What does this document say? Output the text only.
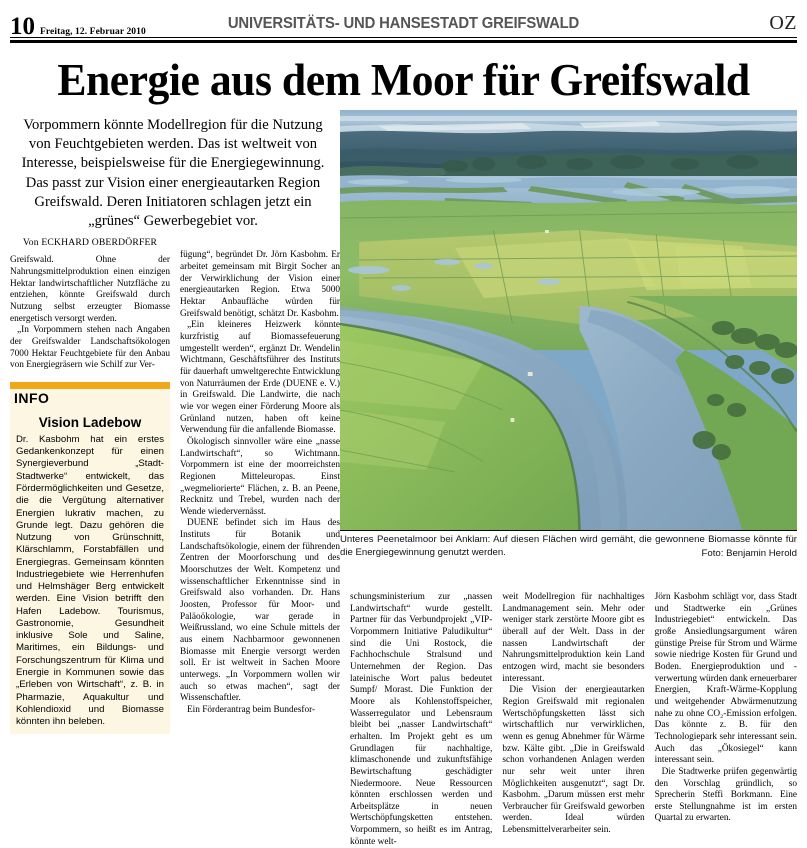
10 Freitag, 12. Februar 2010	UNIVERSITÄTS- UND HANSESTADT GREIFSWALD	OZ
Energie aus dem Moor für Greifswald
Vorpommern könnte Modellregion für die Nutzung von Feuchtgebieten werden. Das ist weltweit von Interesse, beispielsweise für die Energiegewinnung. Das passt zur Vision einer energieautarken Region Greifswald. Deren Initiatoren schlagen jetzt ein „grünes“ Gewerbegebiet vor.
Von ECKHARD OBERDÖRFER

Greifswald. Ohne der Nahrungsmittelproduktion einen einzigen Hektar landwirtschaftlicher Nutzfläche zu entziehen, könnte Greifswald durch Nutzung selbst erzeugter Biomasse energetisch versorgt werden.

„In Vorpommern stehen nach Angaben der Greifswalder Landschaftsökologen 7000 Hektar Feuchtgebiete für den Anbau von Energiegräsern wie Schilf zur Ver-

INFO
Vision Ladebow

Dr. Kasbohm hat ein erstes Gedankenkonzept für einen Synergieverbund „Stadt-Stadtwerke“ entwickelt, das Fördermöglichkeiten und Gesetze, die die Vergütung alternativer Energien lukrativ machen, zu Grunde legt. Dazu gehören die Nutzung von Grünschnitt, Klärschlamm, Forstabfällen und Energiegras. Gemeinsam könnten Industriegebiete wie Herrenhufen und Helmshäger Berg entwickelt werden. Eine Vision betrifft den Hafen Ladebow. Tourismus, Gastronomie, Gesundheit inklusive Sole und Saline, Maritimes, ein Bildungs- und Forschungszentrum für Klima und Energie in Kommunen sowie das „Erleben von Wirtschaft“, z. B. in Pharmazie, Aquakultur und Kohlendioxid und Biomasse könnten ihn beleben.

fügung“, begründet Dr. Jörn Kasbohm. Er arbeitet gemeinsam mit Birgit Socher an der Verwirklichung der Vision einer energieautarken Region. Etwa 5000 Hektar Anbaufläche würden für Greifswald benötigt, schätzt Dr. Kasbohm.

„Ein kleineres Heizwerk könnte kurzfristig auf Biomassefeuerung umgestellt werden“, ergänzt Dr. Wendelin Wichtmann, Geschäftsführer des Instituts für dauerhaft umweltgerechte Entwicklung von Naturräumen der Erde (DUENE e. V.) in Greifswald. Die Landwirte, die nach wie vor wegen einer Förderung Moore als Grünland nutzen, haben oft keine Verwendung für die anfallende Biomasse.

Ökologisch sinnvoller wäre eine „nasse Landwirtschaft“, so Wichtmann. Vorpommern ist eine der moorreichsten Regionen Mitteleuropas. Einst „wegmeliorierte“ Flächen, z. B. an Peene, Recknitz und Trebel, wurden nach der Wende wiedervernässt.

DUENE befindet sich im Haus des Instituts für Botanik und Landschaftsökologie, einem der führenden Zentren der Moorforschung und des Moorschutzes der Welt. Kompetenz und wissenschaftlicher Erkenntnisse sind in Greifswald also vorhanden. Dr. Hans Joosten, Professor für Moor- und Paläoökologie, war gerade in Weißrussland, wo eine Schule mittels der aus einem Nachbarmoor gewonnenen Biomasse mit Energie versorgt werden soll. Er ist weltweit in Sachen Moore unterwegs. „In Vorpommern wollen wir auch so etwas machen“, sagt der Wissenschaftler.

Ein Förderantrag beim Bundesfor-

Unteres Peenetalmoor bei Anklam: Auf diesen Flächen wird gemäht, die gewonnene Biomasse könnte für die Energiegewinnung genutzt werden.	Foto: Benjamin Herold

schungsministerium zur „nassen Landwirtschaft“ wurde gestellt. Partner für das Verbundprojekt „VIP-Vorpommern Initiative Paludikultur“ sind die Uni Rostock, die Fachhochschule Stralsund und Unternehmen der Region. Das lateinische Wort palus bedeutet Sumpf/ Morast. Die Funktion der Moore als Kohlenstoffspeicher, Wasserregulator und Lebensraum bleibt bei „nasser Landwirtschaft“ erhalten. Im Projekt geht es um Grundlagen für nachhaltige, klimaschonende und zukunftsfähige Bewirtschaftung geschädigter Niedermoore. Neue Ressourcen könnten erschlossen werden und Arbeitsplätze in neuen Wertschöpfungsketten entstehen. Vorpommern, so heißt es im Antrag, könnte welt-

weit Modellregion für nachhaltiges Landmanagement sein. Mehr oder weniger stark zerstörte Moore gibt es überall auf der Welt. Dass in der nassen Landwirtschaft der Nahrungsmittelproduktion kein Land entzogen wird, macht sie besonders interessant.

Die Vision der energieautarken Region Greifswald mit regionalen Wertschöpfungsketten lässt sich wirtschaftlich nur verwirklichen, wenn es genug Abnehmer für Wärme bzw. Kälte gibt. „Die in Greifswald schon vorhandenen Anlagen werden nur sehr weit unter ihren Möglichkeiten ausgenutzt“, sagt Dr. Kasbohm. „Darum müssen erst mehr Verbraucher für Greifswald geworben werden. Ideal würden Lebensmittelverarbeiter sein.

Jörn Kasbohm schlägt vor, dass Stadt und Stadtwerke ein „Grünes Industriegebiet“ entwickeln. Das große Ansiedlungsargument wären günstige Preise für Strom und Wärme sowie niedrige Kosten für Grund und Boden. Energieproduktion und -verwertung würden dank erneuerbarer Energien, Kraft-Wärme-Kopplung und weitgehender Abwärmenutzung nahe zu ohne CO₂-Emission erfolgen. Das könnte z. B. für den Technologiepark sehr interessant sein. Auch das „Ökosiegel“ kann interessant sein.

Die Stadtwerke prüfen gegenwärtig den Vorschlag gründlich, so Sprecherin Steffi Borkmann. Eine erste Stellungnahme ist im ersten Quartal zu erwarten.
